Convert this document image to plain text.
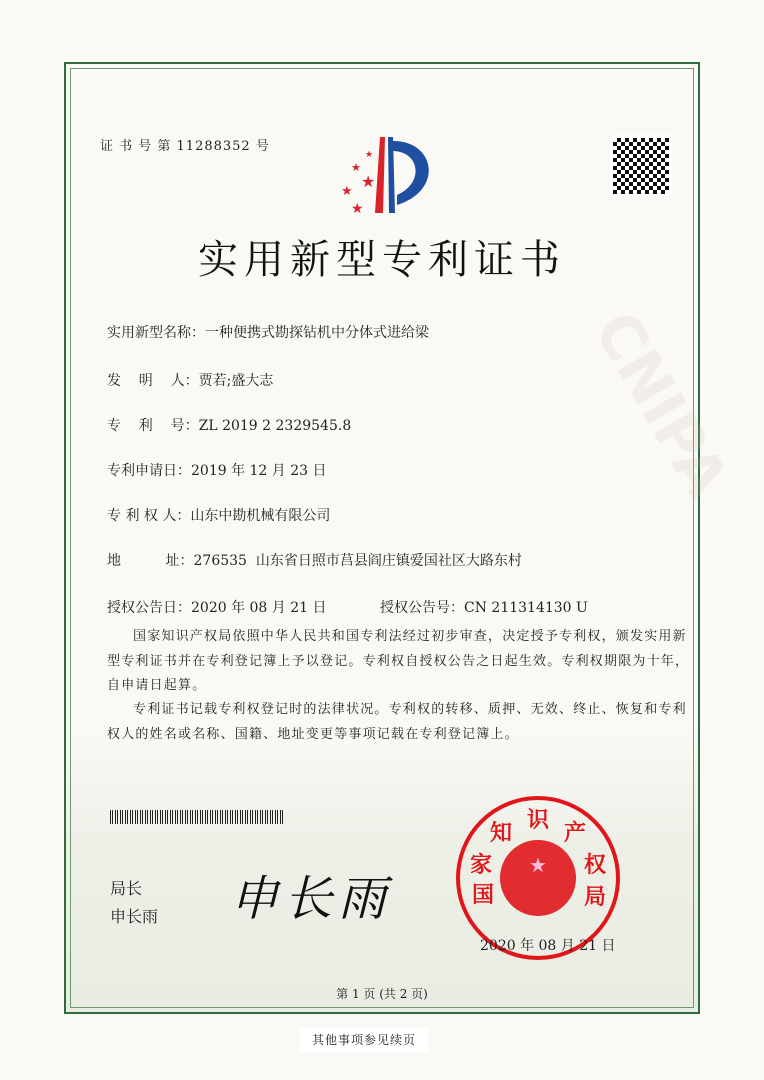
CNIPA
证 书 号 第 11288352 号
★
★
★
★
★
实用新型专利证书
实用新型名称：一种便携式勘探钻机中分体式进给梁
发    明    人：贾若;盛大志
专    利    号：ZL 2019 2 2329545.8
专利申请日：2019 年 12 月 23 日
专 利 权 人：山东中勘机械有限公司
地          址：276535  山东省日照市莒县阎庄镇爱国社区大路东村
授权公告日：2020 年 08 月 21 日	授权公告号：CN 211314130 U
国家知识产权局依照中华人民共和国专利法经过初步审查，决定授予专利权，颁发实用新型专利证书并在专利登记簿上予以登记。专利权自授权公告之日起生效。专利权期限为十年，自申请日起算。
专利证书记载专利权登记时的法律状况。专利权的转移、质押、无效、终止、恢复和专利权人的姓名或名称、国籍、地址变更等事项记载在专利登记簿上。
局长
申长雨 申长雨
★
国
家
知 识 产
权
局
2020 年 08 月 21 日
第 1 页 (共 2 页)
其他事项参见续页
